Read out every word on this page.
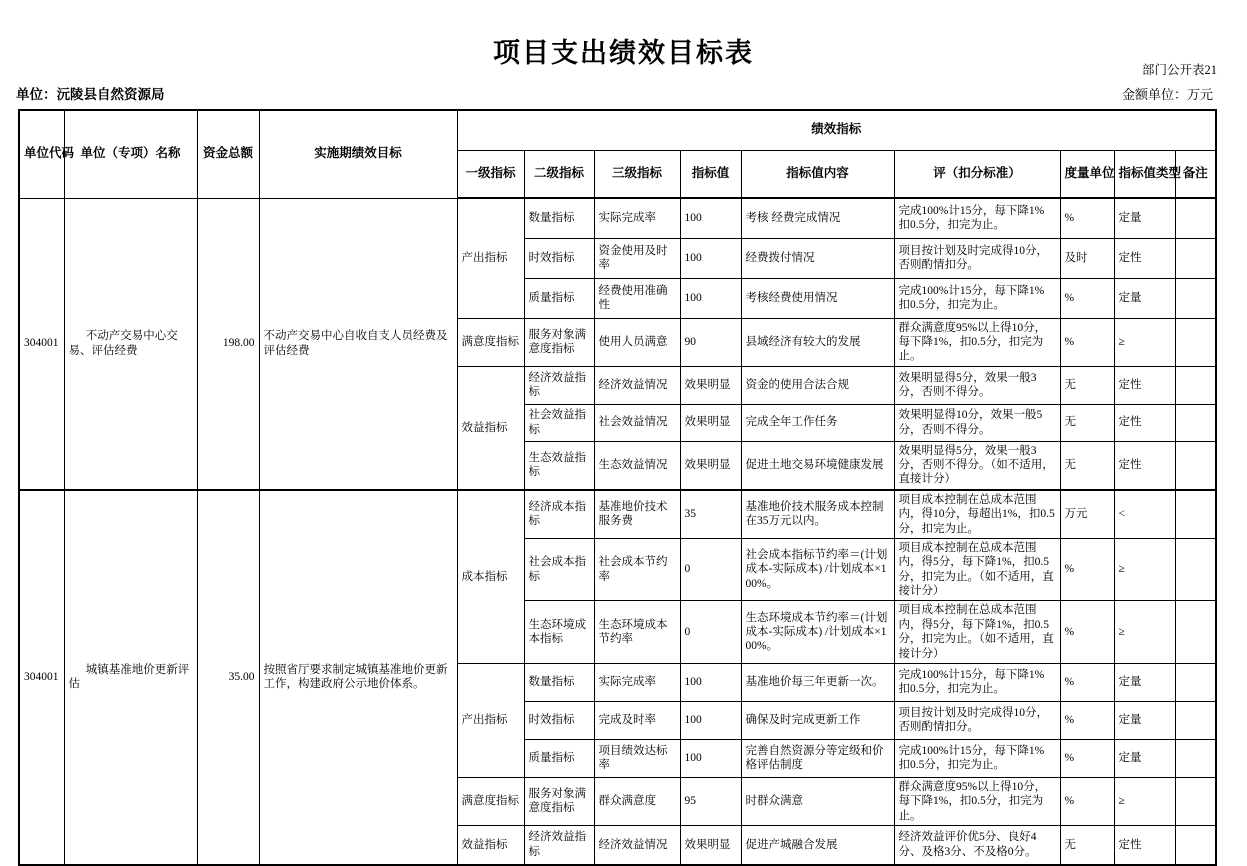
部门公开表21
项目支出绩效目标表
单位：沅陵县自然资源局	金额单位：万元
单位代码	单位（专项）名称	资金总额	实施期绩效目标	绩效指标								
				一级指标	二级指标	三级指标	指标值	指标值内容	评（扣分标准）	度量单位	指标值类型	备注
304001	不动产交易中心交易、评估经费	198.00	不动产交易中心自收自支人员经费及评估经费	产出指标	数量指标	实际完成率	100	考核 经费完成情况	完成100%计15分，每下降1%扣0.5分，扣完为止。	%	定量	
					时效指标	资金使用及时率	100	经费拨付情况	项目按计划及时完成得10分，否则酌情扣分。	及时	定性	
					质量指标	经费使用准确性	100	考核经费使用情况	完成100%计15分，每下降1%扣0.5分，扣完为止。	%	定量	
				满意度指标	服务对象满意度指标	使用人员满意	90	县域经济有较大的发展	群众满意度95%以上得10分，每下降1%，扣0.5分，扣完为止。	%	≥	
				效益指标	经济效益指标	经济效益情况	效果明显	资金的使用合法合规	效果明显得5分，效果一般3分，否则不得分。	无	定性	
					社会效益指标	社会效益情况	效果明显	完成全年工作任务	效果明显得10分，效果一般5分，否则不得分。	无	定性	
					生态效益指标	生态效益情况	效果明显	促进土地交易环境健康发展	效果明显得5分，效果一般3分，否则不得分。（如不适用，直接计分）	无	定性	
304001	城镇基准地价更新评估	35.00	按照省厅要求制定城镇基准地价更新工作，构建政府公示地价体系。	成本指标	经济成本指标	基准地价技术服务费	35	基准地价技术服务成本控制在35万元以内。	项目成本控制在总成本范围内，得10分，每超出1%，扣0.5分，扣完为止。	万元	<	
					社会成本指标	社会成本节约率	0	社会成本指标节约率＝(计划成本-实际成本) /计划成本×100%。	项目成本控制在总成本范围内，得5分，每下降1%，扣0.5分，扣完为止。（如不适用，直接计分）	%	≥	
					生态环境成本指标	生态环境成本节约率	0	生态环境成本节约率＝(计划成本-实际成本) /计划成本×100%。	项目成本控制在总成本范围内，得5分，每下降1%，扣0.5分，扣完为止。（如不适用，直接计分）	%	≥	
				产出指标	数量指标	实际完成率	100	基准地价每三年更新一次。	完成100%计15分，每下降1%扣0.5分，扣完为止。	%	定量	
					时效指标	完成及时率	100	确保及时完成更新工作	项目按计划及时完成得10分，否则酌情扣分。	%	定量	
					质量指标	项目绩效达标率	100	完善自然资源分等定级和价格评估制度	完成100%计15分，每下降1%扣0.5分，扣完为止。	%	定量	
				满意度指标	服务对象满意度指标	群众满意度	95	时群众满意	群众满意度95%以上得10分，每下降1%，扣0.5分，扣完为止。	%	≥	
				效益指标	经济效益指标	经济效益情况	效果明显	促进产城融合发展	经济效益评价优5分、良好4分、及格3分、不及格0分。	无	定性	
